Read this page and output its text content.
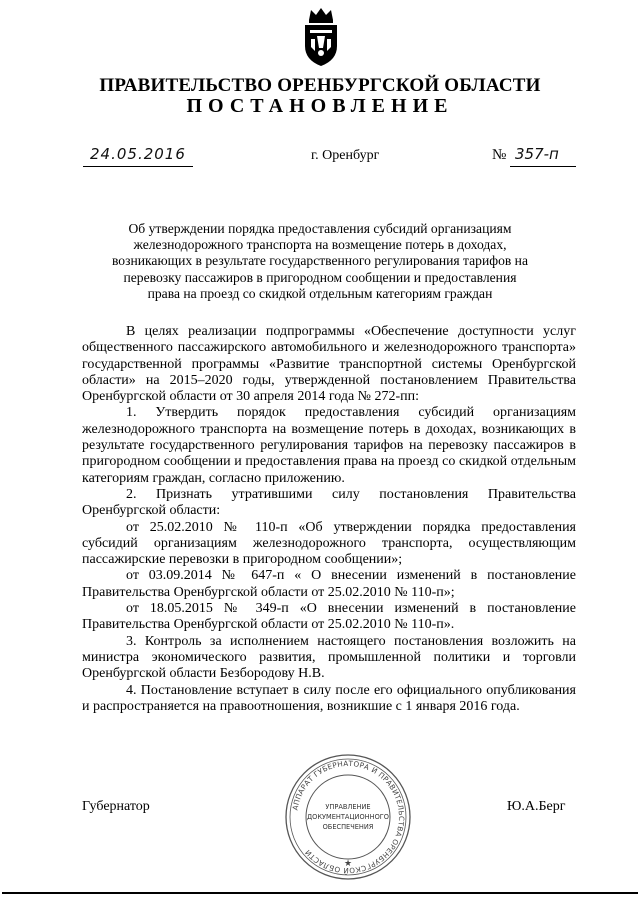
ПРАВИТЕЛЬСТВО ОРЕНБУРГСКОЙ ОБЛАСТИ
ПОСТАНОВЛЕНИЕ
24.05.2016	г. Оренбург	№ 357-п
Об утверждении порядка предоставления субсидий организациям железнодорожного транспорта на возмещение потерь в доходах, возникающих в результате государственного регулирования тарифов на перевозку пассажиров в пригородном сообщении и предоставления права на проезд со скидкой отдельным категориям граждан

В целях реализации подпрограммы «Обеспечение доступности услуг общественного пассажирского автомобильного и железнодорожного транспорта» государственной программы «Развитие транспортной системы Оренбургской области» на 2015–2020 годы, утвержденной постановлением Правительства Оренбургской области от 30 апреля 2014 года № 272-пп:

1. Утвердить порядок предоставления субсидий организациям железнодорожного транспорта на возмещение потерь в доходах, возникающих в результате государственного регулирования тарифов на перевозку пассажиров в пригородном сообщении и предоставления права на проезд со скидкой отдельным категориям граждан, согласно приложению.

2. Признать утратившими силу постановления Правительства Оренбургской области:

от 25.02.2010 № 110-п «Об утверждении порядка предоставления субсидий организациям железнодорожного транспорта, осуществляющим пассажирские перевозки в пригородном сообщении»;

от 03.09.2014 № 647-п « О внесении изменений в постановление Правительства Оренбургской области от 25.02.2010 № 110-п»;

от 18.05.2015 № 349-п «О внесении изменений в постановление Правительства Оренбургской области от 25.02.2010 № 110-п».

3. Контроль за исполнением настоящего постановления возложить на министра экономического развития, промышленной политики и торговли Оренбургской области Безбородову Н.В.

4. Постановление вступает в силу после его официального опубликования и распространяется на правоотношения, возникшие с 1 января 2016 года.

Губернатор	Ю.А.Берг
АППАРАТ ГУБЕРНАТОРА И ПРАВИТЕЛЬСТВА ОРЕНБУРГСКОЙ ОБЛАСТИ
УПРАВЛЕНИЕ
ДОКУМЕНТАЦИОННОГО
ОБЕСПЕЧЕНИЯ
★
